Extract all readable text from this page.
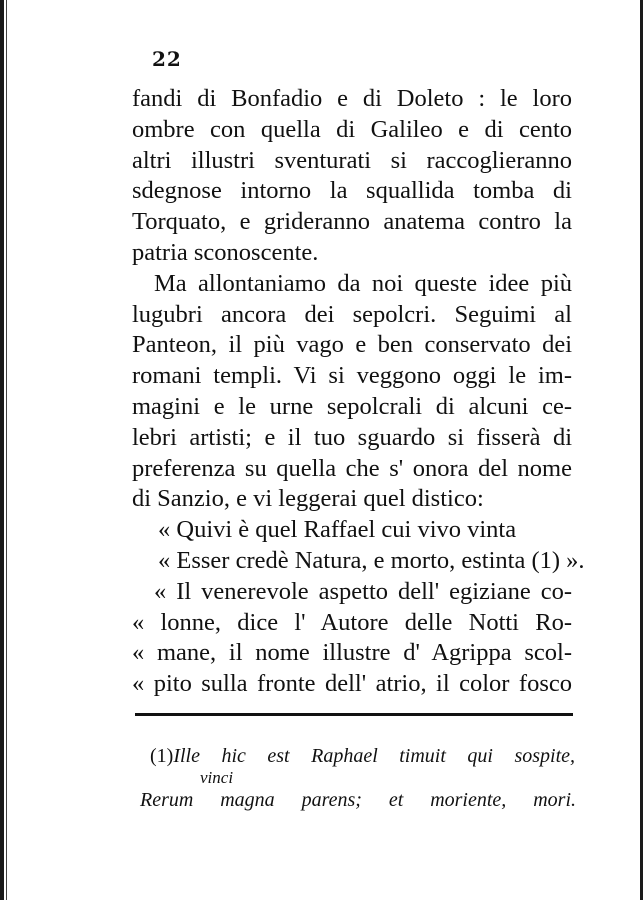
22
fandi di Bonfadio e di Doleto : le loro
ombre con quella di Galileo e di cento
altri illustri sventurati si raccoglieranno
sdegnose intorno la squallida tomba di
Torquato, e grideranno anatema contro la
patria sconoscente.
Ma allontaniamo da noi queste idee più
lugubri ancora dei sepolcri. Seguimi al
Panteon, il più vago e ben conservato dei
romani templi. Vi si veggono oggi le im-
magini e le urne sepolcrali di alcuni ce-
lebri artisti; e il tuo sguardo si fisserà di
preferenza su quella che s' onora del nome
di Sanzio, e vi leggerai quel distico:
« Quivi è quel Raffael cui vivo vinta
« Esser credè Natura, e morto, estinta (1) ».
« Il venerevole aspetto dell' egiziane co-
« lonne, dice l' Autore delle Notti Ro-
« mane, il nome illustre d' Agrippa scol-
« pito sulla fronte dell' atrio, il color fosco
(1)Ille hic est Raphael timuit qui sospite,
vinci
Rerum magna parens; et moriente, mori.
